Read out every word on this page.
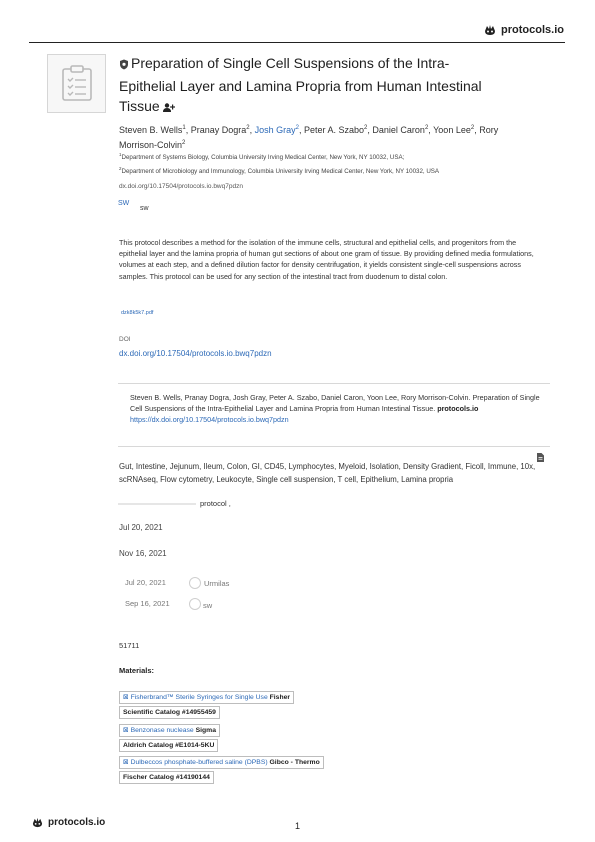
protocols.io
Preparation of Single Cell Suspensions of the Intra-Epithelial Layer and Lamina Propria from Human Intestinal Tissue
Steven B. Wells$^1$, Pranay Dogra$^2$, Josh Gray$^2$, Peter A. Szabo$^2$, Daniel Caron$^2$, Yoon Lee$^2$, Rory Morrison-Colvin$^2$
$^1$Department of Systems Biology, Columbia University Irving Medical Center, New York, NY 10032, USA;
$^2$Department of Microbiology and Immunology, Columbia University Irving Medical Center, New York, NY 10032, USA
dx.doi.org/10.17504/protocols.io.bwq7pdzn
SW
sw
This protocol describes a method for the isolation of the immune cells, structural and epithelial cells, and progenitors from the epithelial layer and the lamina propria of human gut sections of about one gram of tissue. By providing defined media formulations, volumes at each step, and a defined dilution factor for density centrifugation, it yields consistent single-cell suspensions across samples. This protocol can be used for any section of the intestinal tract from duodenum to distal colon.
dzk8k5k7.pdf
DOI
dx.doi.org/10.17504/protocols.io.bwq7pdzn
Steven B. Wells, Pranay Dogra, Josh Gray, Peter A. Szabo, Daniel Caron, Yoon Lee, Rory Morrison-Colvin. Preparation of Single Cell Suspensions of the Intra-Epithelial Layer and Lamina Propria from Human Intestinal Tissue. protocols.io
https://dx.doi.org/10.17504/protocols.io.bwq7pdzn
Gut, Intestine, Jejunum, Ileum, Colon, GI, CD45, Lymphocytes, Myeloid, Isolation, Density Gradient, Ficoll, Immune, 10x, scRNAseq, Flow cytometry, Leukocyte, Single cell suspension, T cell, Epithelium, Lamina propria
protocol ,
Jul 20, 2021
Nov 16, 2021
Jul 20, 2021	Urmilas
Sep 16, 2021	sw
51711
Materials:
⊠ Fisherbrand™ Sterile Syringes for Single Use Fisher
Scientific Catalog #14955459
⊠ Benzonase nuclease Sigma
Aldrich Catalog #E1014-5KU
⊠ Dulbeccos phosphate-buffered saline (DPBS) Gibco - Thermo
Fischer Catalog #14190144
protocols.io	1
